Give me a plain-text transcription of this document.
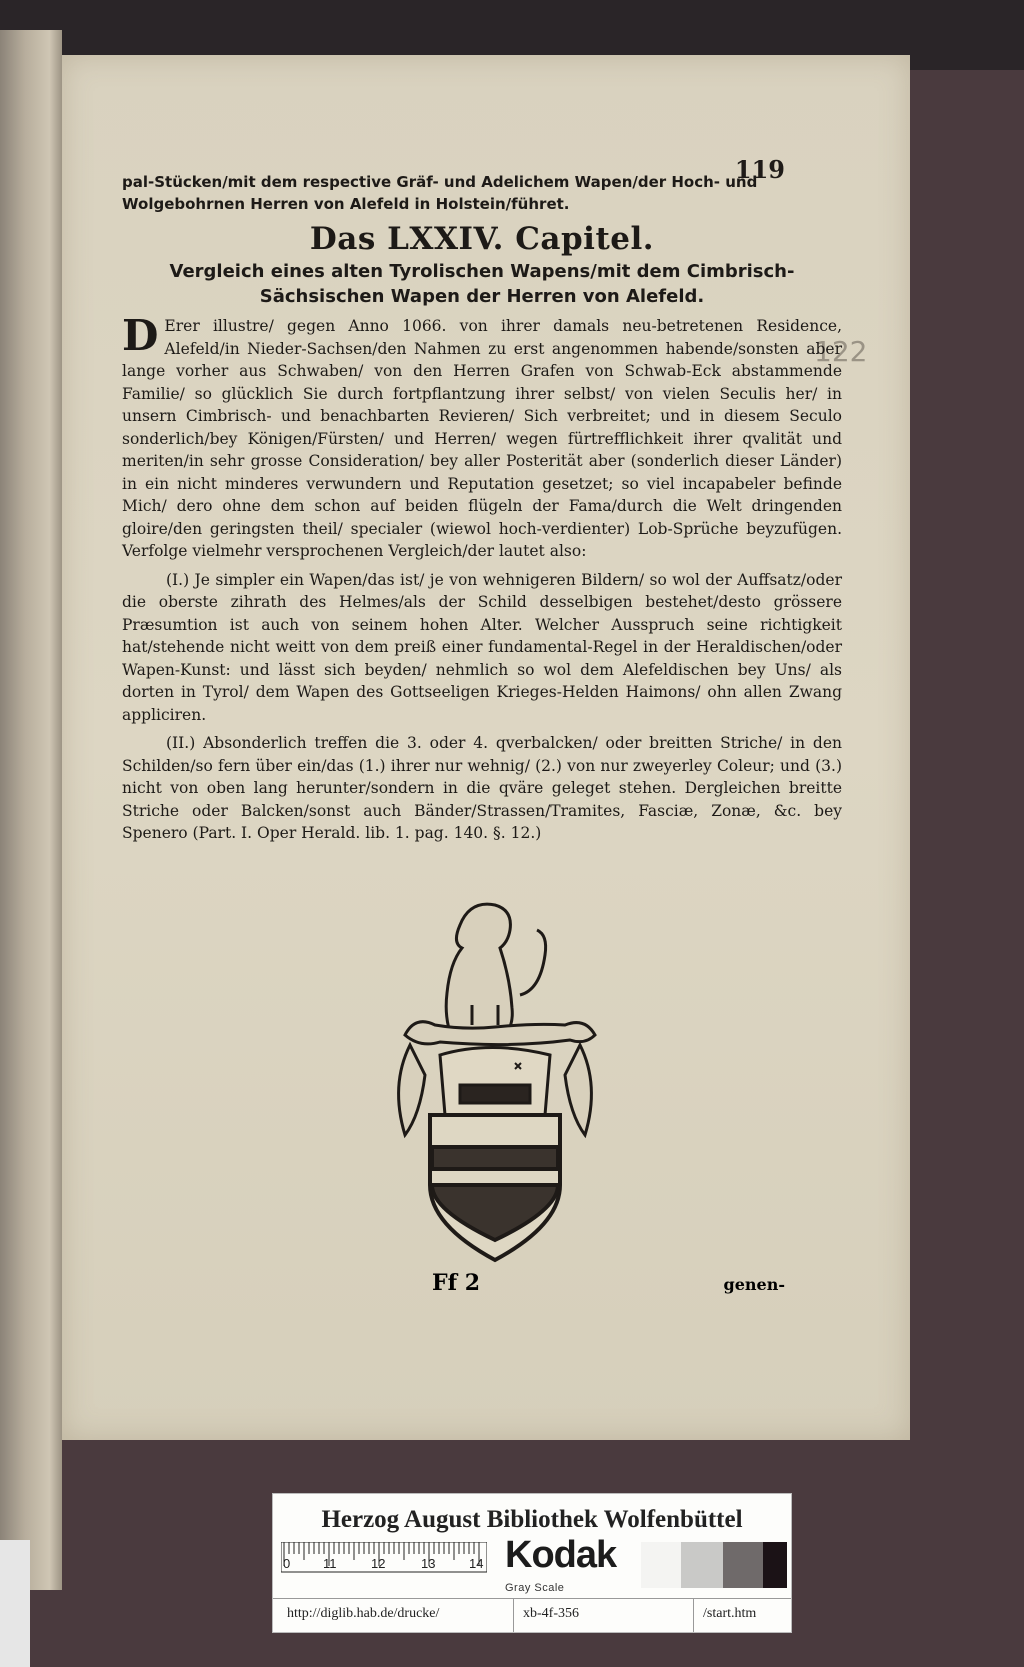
119
122
pal-Stücken/mit dem respective Gräf- und Adelichem Wapen/der Hoch- und Wolgebohrnen Herren von Alefeld in Holstein/führet.
Das LXXIV. Capitel.
Vergleich eines alten Tyrolischen Wapens/mit dem Cimbrisch-Sächsischen Wapen der Herren von Alefeld.

D Erer illustre/ gegen Anno 1066. von ihrer damals neu-betretenen Residence, Alefeld/in Nieder-Sachsen/den Nahmen zu erst angenommen habende/sonsten aber lange vorher aus Schwaben/ von den Herren Grafen von Schwab-Eck abstammende Familie/ so glücklich Sie durch fortpflantzung ihrer selbst/ von vielen Seculis her/ in unsern Cimbrisch- und benachbarten Revieren/ Sich verbreitet; und in diesem Seculo sonderlich/bey Königen/Fürsten/ und Herren/ wegen fürtrefflichkeit ihrer qvalität und meriten/in sehr grosse Consideration/ bey aller Posterität aber (sonderlich dieser Länder) in ein nicht minderes verwundern und Reputation gesetzet; so viel incapabeler befinde Mich/ dero ohne dem schon auf beiden flügeln der Fama/durch die Welt dringenden gloire/den geringsten theil/ specialer (wiewol hoch-verdienter) Lob-Sprüche beyzufügen. Verfolge vielmehr versprochenen Vergleich/der lautet also:

(I.) Je simpler ein Wapen/das ist/ je von wehnigeren Bildern/ so wol der Auffsatz/oder die oberste zihrath des Helmes/als der Schild desselbigen bestehet/desto grössere Præsumtion ist auch von seinem hohen Alter. Welcher Ausspruch seine richtigkeit hat/stehende nicht weitt von dem preiß einer fundamental-Regel in der Heraldischen/oder Wapen-Kunst: und lässt sich beyden/ nehmlich so wol dem Alefeldischen bey Uns/ als dorten in Tyrol/ dem Wapen des Gottseeligen Krieges-Helden Haimons/ ohn allen Zwang appliciren.

(II.) Absonderlich treffen die 3. oder 4. qverbalcken/ oder breitten Striche/ in den Schilden/so fern über ein/das (1.) ihrer nur wehnig/ (2.) von nur zweyerley Coleur; und (3.) nicht von oben lang herunter/sondern in die qväre geleget stehen. Dergleichen breitte Striche oder Balcken/sonst auch Bänder/Strassen/Tramites, Fasciæ, Zonæ, &c. bey Spenero (Part. I. Oper Herald. lib. 1. pag. 140. §. 12.)

Ff 2	genen-
Herzog August Bibliothek Wolfenbüttel
0	11	12	13	14 Kodak
Gray Scale
http://diglib.hab.de/drucke/	xb-4f-356	/start.htm
